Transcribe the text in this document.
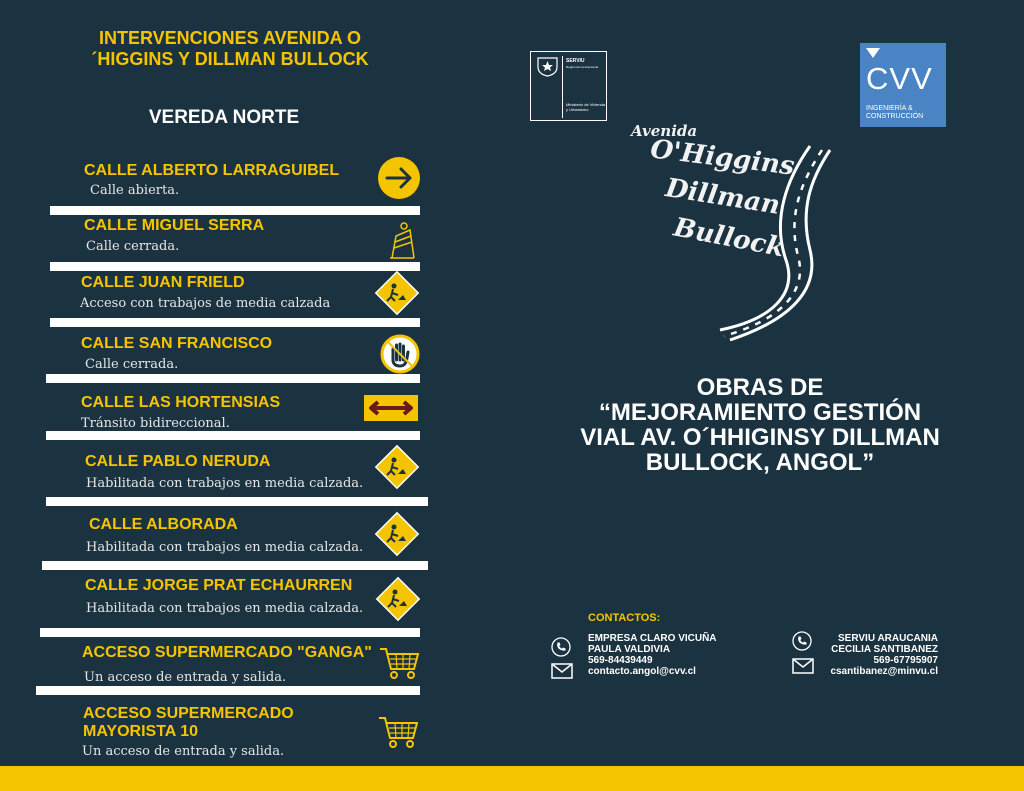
INTERVENCIONES AVENIDA O´HIGGINS Y DILLMAN BULLOCK
VEREDA NORTE
CALLE ALBERTO LARRAGUIBEL
Calle abierta.
CALLE MIGUEL SERRA
Calle cerrada.
CALLE JUAN FRIELD
Acceso con trabajos de media calzada
CALLE SAN FRANCISCO
Calle cerrada.
CALLE LAS HORTENSIAS
Tránsito bidireccional.
CALLE PABLO NERUDA
Habilitada con trabajos en media calzada.
CALLE ALBORADA
Habilitada con trabajos en media calzada.
CALLE JORGE PRAT ECHAURREN
Habilitada con trabajos en media calzada.
ACCESO SUPERMERCADO "GANGA"
Un acceso de entrada y salida.
ACCESO SUPERMERCADO MAYORISTA 10
Un acceso de entrada y salida.
SERVIU
Región de La Araucanía
Ministerio de Vivienda y Urbanismo
CVV
INGENIERÍA &
CONSTRUCCIÓN
Avenida
O'Higgins
Dillman
Bullock
OBRAS DE
“MEJORAMIENTO GESTIÓN
VIAL AV. O´HHIGINSY DILLMAN
BULLOCK, ANGOL”
CONTACTOS:
EMPRESA CLARO VICUÑA
PAULA VALDIVIA
569-84439449
contacto.angol@cvv.cl
SERVIU ARAUCANIA
CECILIA SANTIBANEZ
569-67795907
csantibanez@minvu.cl
